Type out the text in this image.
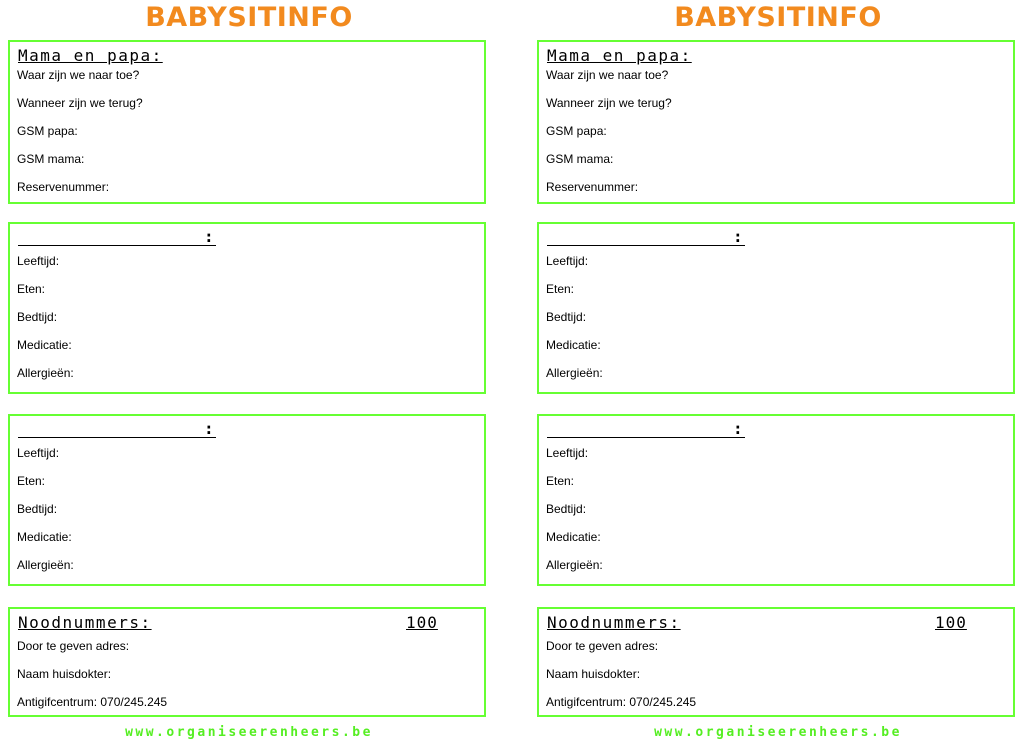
BABYSITINFO
Mama en papa:
Waar zijn we naar toe?
Wanneer zijn we terug?
GSM papa:
GSM mama:
Reservenummer:
:
Leeftijd:
Eten:
Bedtijd:
Medicatie:
Allergieën:
:
Leeftijd:
Eten:
Bedtijd:
Medicatie:
Allergieën:
Noodnummers:	100
Door te geven adres:
Naam huisdokter:
Antigifcentrum: 070/245.245
www.organiseerenheers.be
BABYSITINFO
Mama en papa:
Waar zijn we naar toe?
Wanneer zijn we terug?
GSM papa:
GSM mama:
Reservenummer:
:
Leeftijd:
Eten:
Bedtijd:
Medicatie:
Allergieën:
:
Leeftijd:
Eten:
Bedtijd:
Medicatie:
Allergieën:
Noodnummers:	100
Door te geven adres:
Naam huisdokter:
Antigifcentrum: 070/245.245
www.organiseerenheers.be
